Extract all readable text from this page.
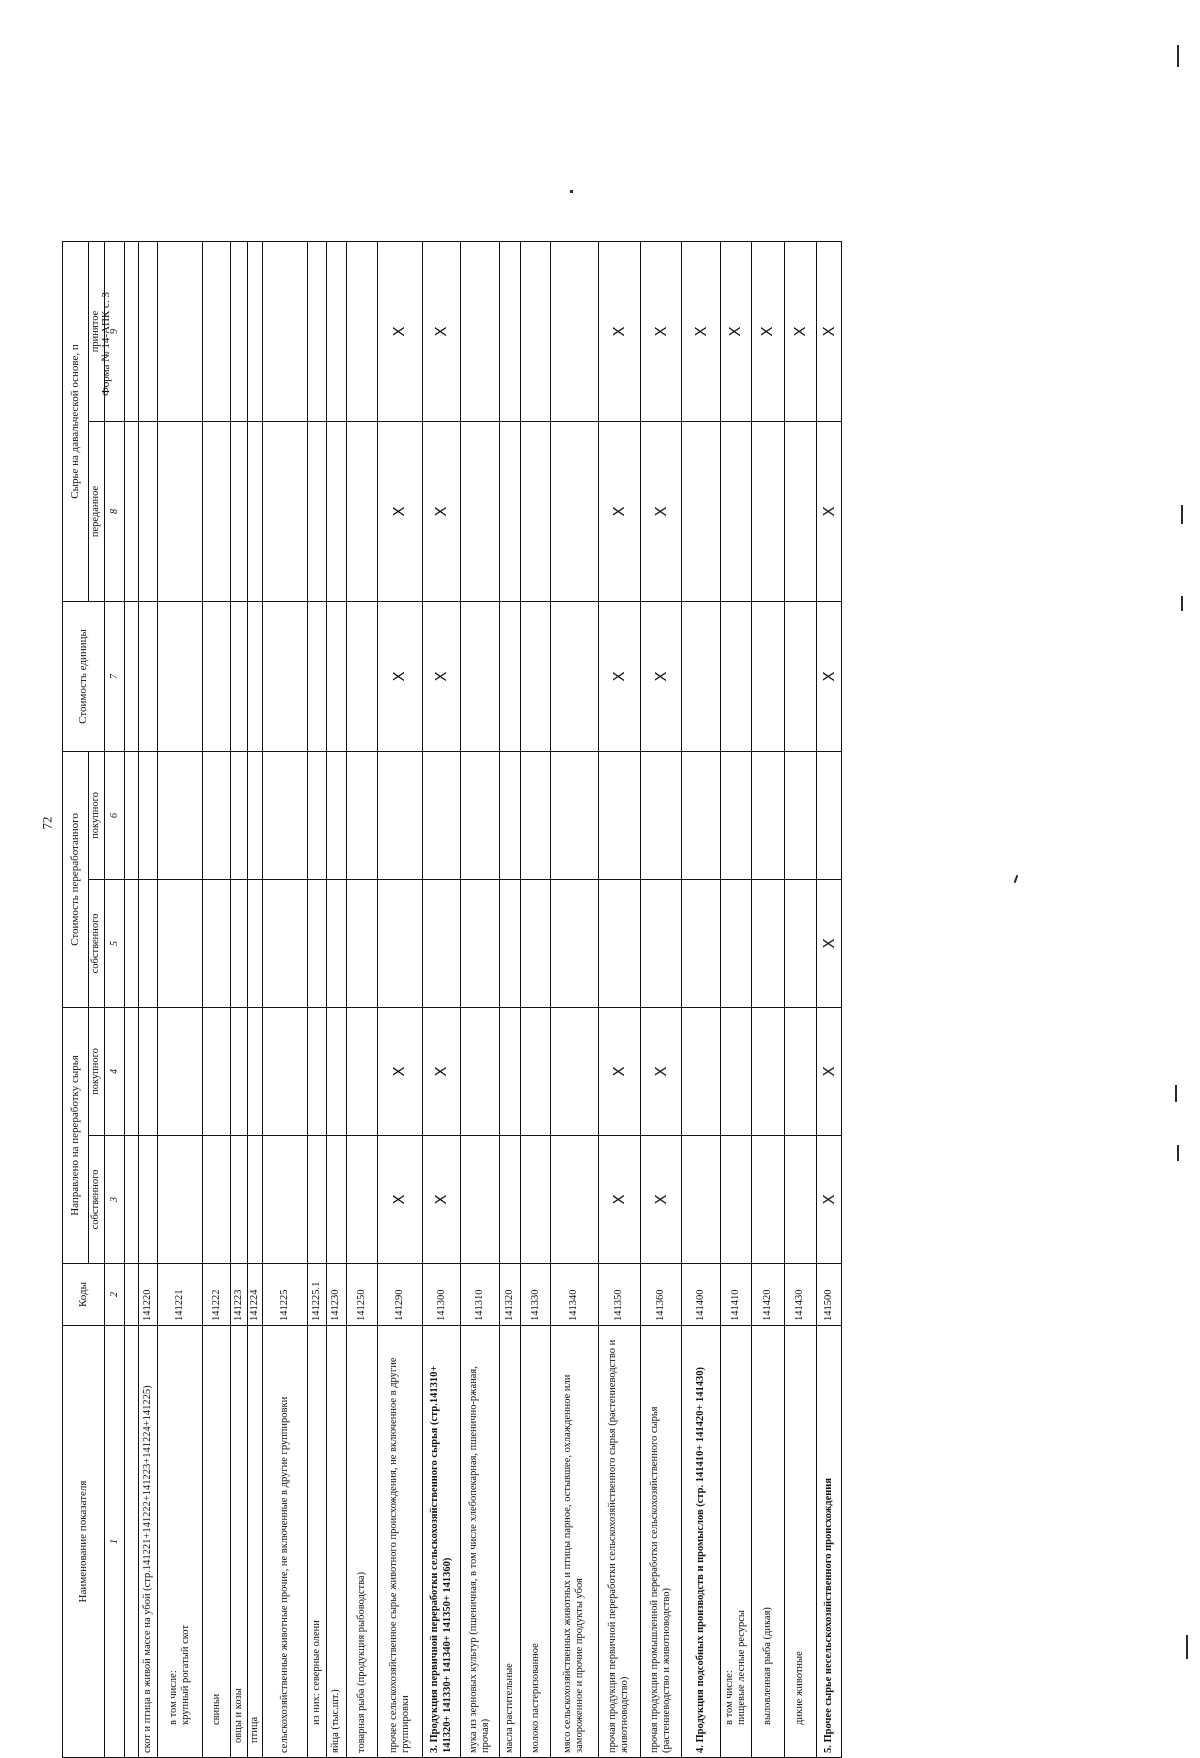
72
Форма № 14-АПК с. 3
Наименование показателя	Коды	Направлено на переработку сырья		Стоимость переработанного		Стоимость единицы	Сырье на давальческой основе, п	
		собственного	покупного	собственного	покупного		переданное	принятое
1	2	3	4	5	6	7	8	9

скот и птица в живой массе на убой (стр.141221+141222+141223+141224+141225)	141220							
в том числе:
крупный рогатый скот	141221							
свиньи	141222							
овцы и козы	141223							
птица	141224							
сельскохозяйственные животные прочие, не включенные в другие группировки	141225							
из них: северные олени	141225.1							
яйца (тыс.шт.)	141230							
товарная рыба (продукция рыбоводства)	141250							
прочее сельскохозяйственное сырье животного происхождения, не включенное в другие группировки	141290	X	X			X	X	X
3. Продукция первичной переработки сельскохозяйственного сырья (стр.141310+ 141320+ 141330+ 141340+ 141350+ 141360)	141300	X	X			X	X	X
мука из зерновых культур (пшеничная, в том числе хлебопекарная, пшенично-ржаная, прочая)	141310							
масла растительные	141320							
молоко пастеризованное	141330							
мясо сельскохозяйственных животных и птицы парное, остывшее, охлажденное или замороженное и прочие продукты убоя	141340							
прочая продукция первичной переработки сельскохозяйственного сырья (растениеводство и животноводство)	141350	X	X			X	X	X
прочая продукция промышленной переработки сельскохозяйственного сырья (растениеводство и животноводство)	141360	X	X			X	X	X
4. Продукция подсобных производств и промыслов (стр. 141410+ 141420+ 141430)	141400							X
в том числе:
пищевые лесные ресурсы	141410							X
выловленная рыба (дикая)	141420							X
дикие животные	141430							X
5. Прочее сырье несельскохозяйственного происхождения	141500	X	X	X		X	X	X
